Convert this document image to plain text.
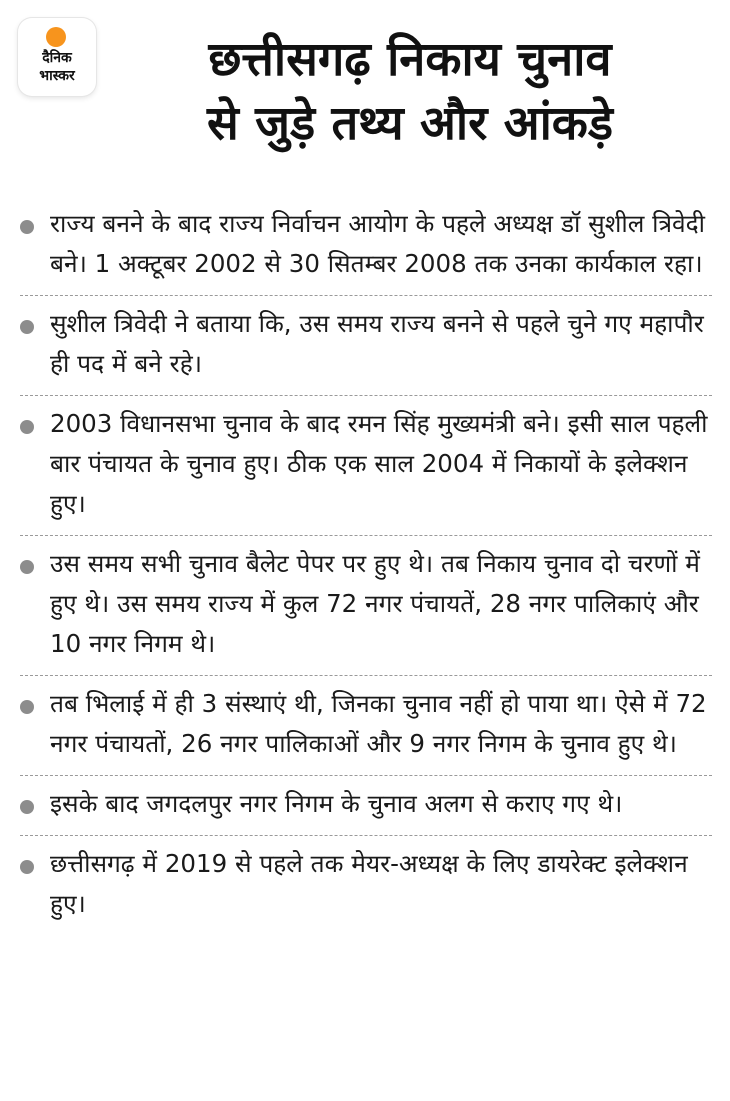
दैनिक
भास्कर	छत्तीसगढ़ निकाय चुनाव
से जुड़े तथ्य और आंकड़े
राज्य बनने के बाद राज्य निर्वाचन आयोग के पहले अध्यक्ष डॉ सुशील त्रिवेदी बने। 1 अक्टूबर 2002 से 30 सितम्बर 2008 तक उनका कार्यकाल रहा।
सुशील त्रिवेदी ने बताया कि, उस समय राज्य बनने से पहले चुने गए महापौर ही पद में बने रहे।
2003 विधानसभा चुनाव के बाद रमन सिंह मुख्यमंत्री बने। इसी साल पहली बार पंचायत के चुनाव हुए। ठीक एक साल 2004 में निकायों के इलेक्शन हुए।
उस समय सभी चुनाव बैलेट पेपर पर हुए थे। तब निकाय चुनाव दो चरणों में हुए थे। उस समय राज्य में कुल 72 नगर पंचायतें, 28 नगर पालिकाएं और 10 नगर निगम थे।
तब भिलाई में ही 3 संस्थाएं थी, जिनका चुनाव नहीं हो पाया था। ऐसे में 72 नगर पंचायतों, 26 नगर पालिकाओं और 9 नगर निगम के चुनाव हुए थे।
इसके बाद जगदलपुर नगर निगम के चुनाव अलग से कराए गए थे।
छत्तीसगढ़ में 2019 से पहले तक मेयर-अध्यक्ष के लिए डायरेक्ट इलेक्शन हुए।
